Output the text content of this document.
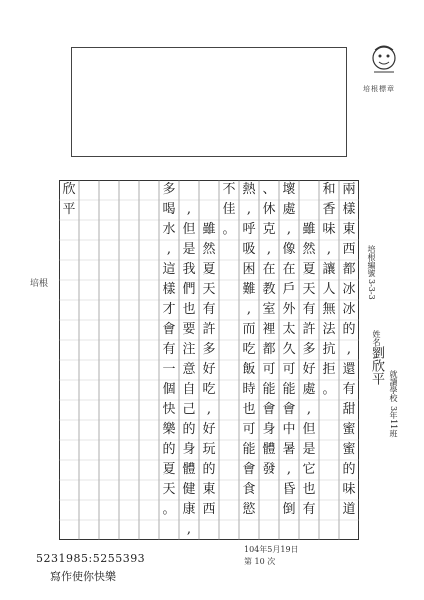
培根標章
兩
樣
東
西
都
冰
冰
的
,
還
有
甜
蜜
蜜
的
味
道
和
香
味
,
讓
人
無
法
抗
拒
。
雖
然
夏
天
有
許
多
好
處
,
但
是
它
也
有
壞
處
,
像
在
戶
外
太
久
可
能
會
中
暑
,
昏
倒
、
休
克
,
在
教
室
裡
都
可
能
會
身
體
發
熱
,
呼
吸
困
難
,
而
吃
飯
時
也
可
能
會
食
慾
不
佳
。
雖
然
夏
天
有
許
多
好
吃
,
好
玩
的
東
西
,
但
是
我
們
也
要
注
意
自
己
的
身
體
健
康
,
多
喝
水
,
這
樣
才
會
有
一
個
快
樂
的
夏
天
。
欣
平
培根編號
3-3-3
姓名
劉欣平
就讀學校
3年11班
培根
104年5月19日
第 10 次
5231985:5255393
寫作使你快樂
